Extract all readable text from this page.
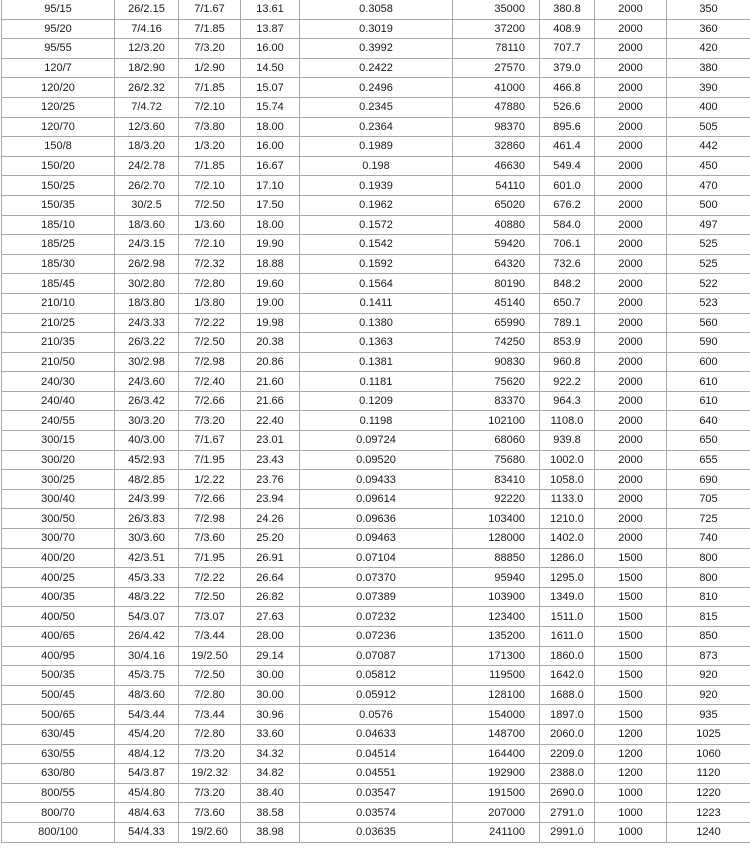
95/15	26/2.15	7/1.67	13.61	0.3058	35000	380.8	2000	350
95/20	7/4.16	7/1.85	13.87	0.3019	37200	408.9	2000	360
95/55	12/3.20	7/3.20	16.00	0.3992	78110	707.7	2000	420
120/7	18/2.90	1/2.90	14.50	0.2422	27570	379.0	2000	380
120/20	26/2.32	7/1.85	15.07	0.2496	41000	466.8	2000	390
120/25	7/4.72	7/2.10	15.74	0.2345	47880	526.6	2000	400
120/70	12/3.60	7/3.80	18.00	0.2364	98370	895.6	2000	505
150/8	18/3.20	1/3.20	16.00	0.1989	32860	461.4	2000	442
150/20	24/2.78	7/1.85	16.67	0.198	46630	549.4	2000	450
150/25	26/2.70	7/2.10	17.10	0.1939	54110	601.0	2000	470
150/35	30/2.5	7/2.50	17.50	0.1962	65020	676.2	2000	500
185/10	18/3.60	1/3.60	18.00	0.1572	40880	584.0	2000	497
185/25	24/3.15	7/2.10	19.90	0.1542	59420	706.1	2000	525
185/30	26/2.98	7/2.32	18.88	0.1592	64320	732.6	2000	525
185/45	30/2.80	7/2.80	19.60	0.1564	80190	848.2	2000	522
210/10	18/3.80	1/3.80	19.00	0.1411	45140	650.7	2000	523
210/25	24/3.33	7/2.22	19.98	0.1380	65990	789.1	2000	560
210/35	26/3.22	7/2.50	20.38	0.1363	74250	853.9	2000	590
210/50	30/2.98	7/2.98	20.86	0.1381	90830	960.8	2000	600
240/30	24/3.60	7/2.40	21.60	0.1181	75620	922.2	2000	610
240/40	26/3.42	7/2.66	21.66	0.1209	83370	964.3	2000	610
240/55	30/3.20	7/3.20	22.40	0.1198	102100	1108.0	2000	640
300/15	40/3.00	7/1.67	23.01	0.09724	68060	939.8	2000	650
300/20	45/2.93	7/1.95	23.43	0.09520	75680	1002.0	2000	655
300/25	48/2.85	1/2.22	23.76	0.09433	83410	1058.0	2000	690
300/40	24/3.99	7/2.66	23.94	0.09614	92220	1133.0	2000	705
300/50	26/3.83	7/2.98	24.26	0.09636	103400	1210.0	2000	725
300/70	30/3.60	7/3.60	25.20	0.09463	128000	1402.0	2000	740
400/20	42/3.51	7/1.95	26.91	0.07104	88850	1286.0	1500	800
400/25	45/3.33	7/2.22	26.64	0.07370	95940	1295.0	1500	800
400/35	48/3.22	7/2.50	26.82	0.07389	103900	1349.0	1500	810
400/50	54/3.07	7/3.07	27.63	0.07232	123400	1511.0	1500	815
400/65	26/4.42	7/3.44	28.00	0.07236	135200	1611.0	1500	850
400/95	30/4.16	19/2.50	29.14	0.07087	171300	1860.0	1500	873
500/35	45/3.75	7/2.50	30.00	0.05812	119500	1642.0	1500	920
500/45	48/3.60	7/2.80	30.00	0.05912	128100	1688.0	1500	920
500/65	54/3.44	7/3.44	30.96	0.0576	154000	1897.0	1500	935
630/45	45/4.20	7/2.80	33.60	0.04633	148700	2060.0	1200	1025
630/55	48/4.12	7/3.20	34.32	0.04514	164400	2209.0	1200	1060
630/80	54/3.87	19/2.32	34.82	0.04551	192900	2388.0	1200	1120
800/55	45/4.80	7/3.20	38.40	0.03547	191500	2690.0	1000	1220
800/70	48/4.63	7/3.60	38.58	0.03574	207000	2791.0	1000	1223
800/100	54/4.33	19/2.60	38.98	0.03635	241100	2991.0	1000	1240
